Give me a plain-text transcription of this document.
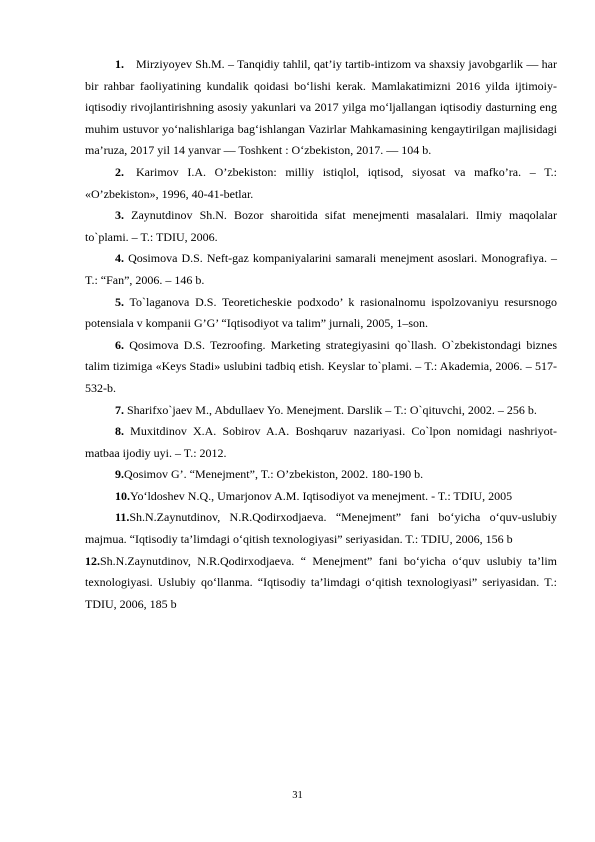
1. Mirziyoyev Sh.M. – Tanqidiy tahlil, qat’iy tartib-intizom va shaxsiy javobgarlik — har bir rahbar faoliyatining kundalik qoidasi bo‘lishi kerak. Mamlakatimizni 2016 yilda ijtimoiy-iqtisodiy rivojlantirishning asosiy yakunlari va 2017 yilga mo‘ljallangan iqtisodiy dasturning eng muhim ustuvor yo‘nalishlariga bag‘ishlangan Vazirlar Mahkamasining kengaytirilgan majlisidagi ma’ruza, 2017 yil 14 yanvar — Toshkent : O‘zbekiston, 2017. — 104 b.

2. Karimov I.A. O’zbekiston: milliy istiqlol, iqtisod, siyosat va mafko’ra. – T.: «O’zbekiston», 1996, 40-41-betlar.

3. Zaynutdinov Sh.N. Bozor sharoitida sifat menejmenti masalalari. Ilmiy maqolalar to`plami. – T.: TDIU, 2006.

4. Qosimova D.S. Neft-gaz kompaniyalarini samarali menejment asoslari. Monografiya. – T.: “Fan”, 2006. – 146 b.

5. To`laganova D.S. Teoreticheskie podxodo’ k rasionalnomu ispolzovaniyu resursnogo potensiala v kompanii G’G’ “Iqtisodiyot va talim” jurnali, 2005, 1–son.

6. Qosimova D.S. Tezroofing. Marketing strategiyasini qo`llash. O`zbekistondagi biznes talim tizimiga «Keys Stadi» uslubini tadbiq etish. Keyslar to`plami. – T.: Akademia, 2006. – 517-532-b.

7. Sharifxo`jaev M., Abdullaev Yo. Menejment. Darslik – T.: O`qituvchi, 2002. – 256 b.

8. Muxitdinov X.A. Sobirov A.A. Boshqaruv nazariyasi. Co`lpon nomidagi nashriyot-matbaa ijodiy uyi. – T.: 2012.

9.Qosimov G’. “Menejment”, T.: O’zbekiston, 2002. 180-190 b.

10.Yo‘ldoshev N.Q., Umarjonov A.M. Iqtisodiyot va menejment. - T.: TDIU, 2005

11.Sh.N.Zaynutdinov, N.R.Qodirxodjaeva. “Menejment” fani bo‘yicha o‘quv-uslubiy majmua. “Iqtisodiy ta’limdagi o‘qitish texnologiyasi” seriyasidan. T.: TDIU, 2006, 156 b

12.Sh.N.Zaynutdinov, N.R.Qodirxodjaeva. “ Menejment” fani bo‘yicha o‘quv uslubiy ta’lim texnologiyasi. Uslubiy qo‘llanma. “Iqtisodiy ta’limdagi o‘qitish texnologiyasi” seriyasidan. T.: TDIU, 2006, 185 b

31
